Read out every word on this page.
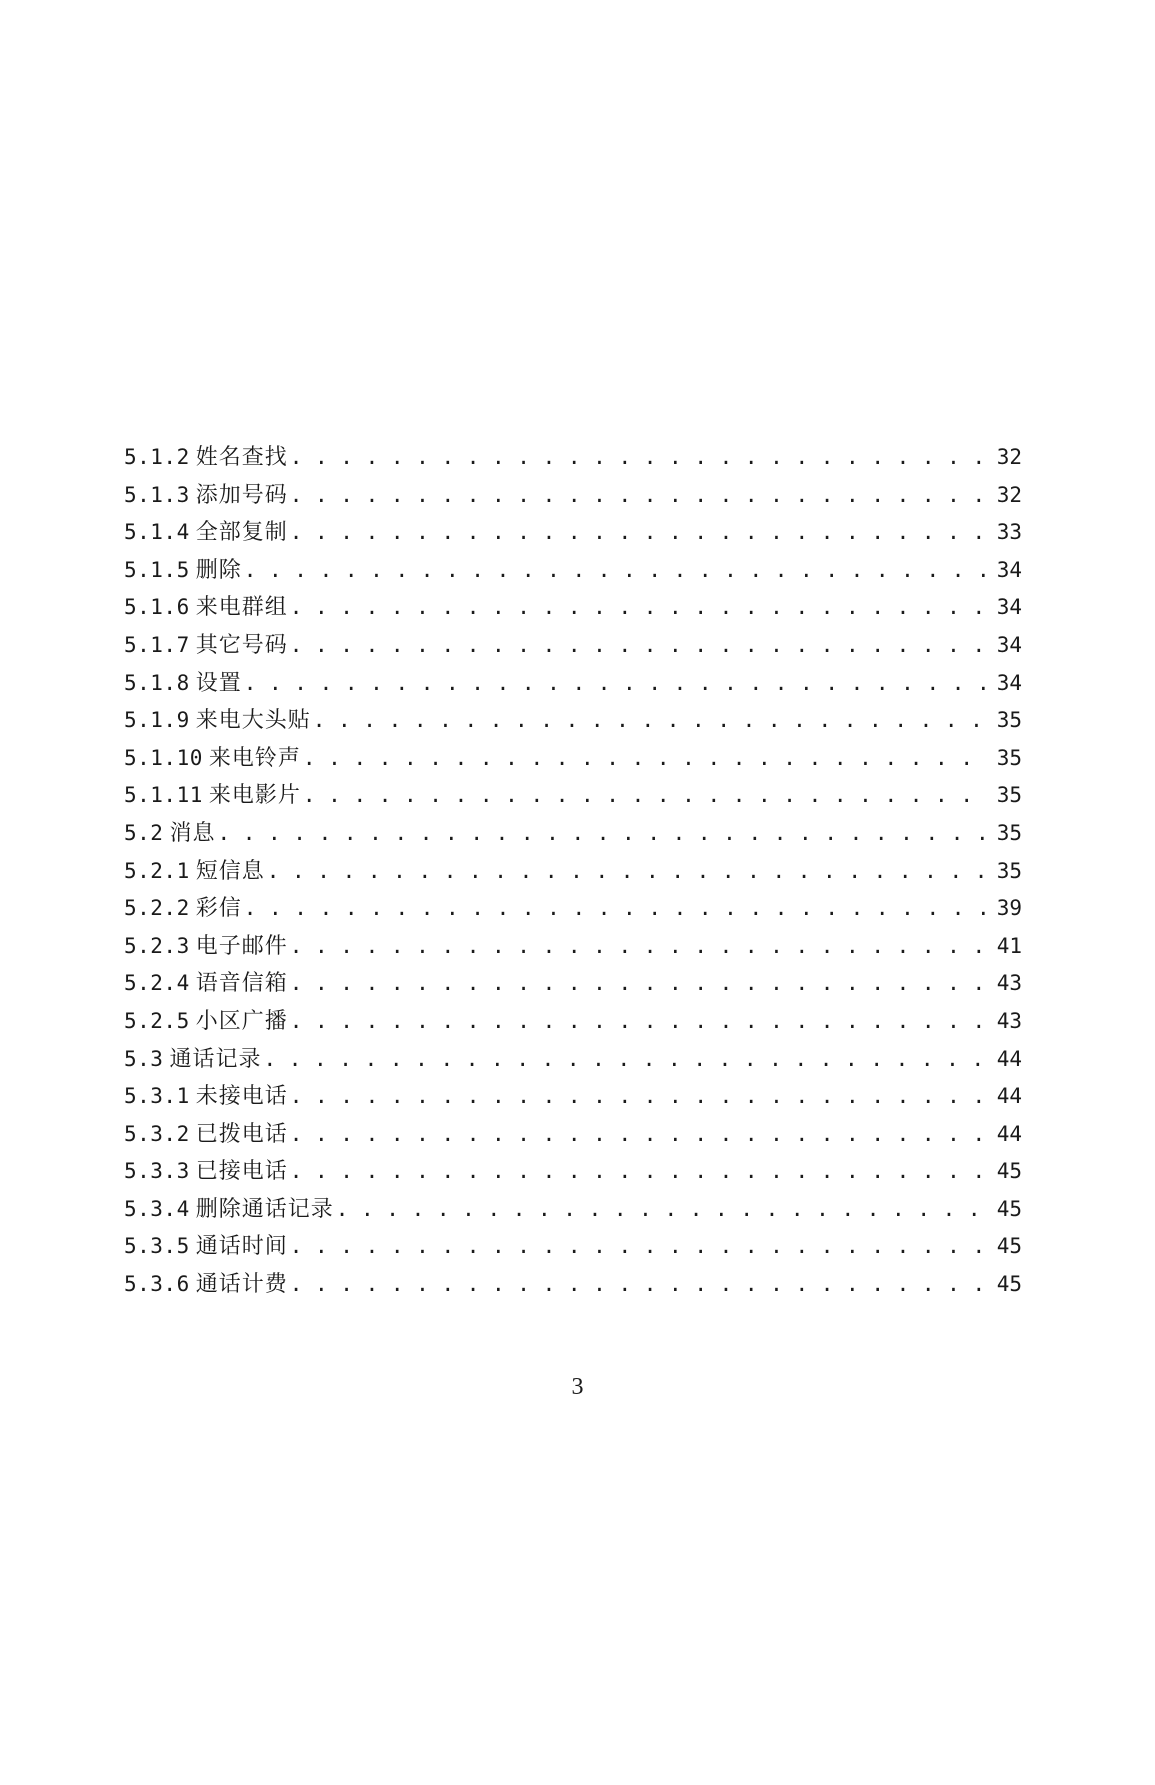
5.1.2 姓名查找 . . .	32
5.1.3 添加号码 . . .	32
5.1.4 全部复制 . . .	33
5.1.5 删除 . . .	34
5.1.6 来电群组 . . .	34
5.1.7 其它号码 . . .	34
5.1.8 设置 . . .	34
5.1.9 来电大头贴 . . .	35
5.1.10 来电铃声 . . .	35
5.1.11 来电影片 . . .	35
5.2 消息 . . .	35
5.2.1 短信息 . . .	35
5.2.2 彩信 . . .	39
5.2.3 电子邮件 . . .	41
5.2.4 语音信箱 . . .	43
5.2.5 小区广播 . . .	43
5.3 通话记录 . . .	44
5.3.1 未接电话 . . .	44
5.3.2 已拨电话 . . .	44
5.3.3 已接电话 . . .	45
5.3.4 删除通话记录 . . .	45
5.3.5 通话时间 . . .	45
5.3.6 通话计费 . . .	45
3
